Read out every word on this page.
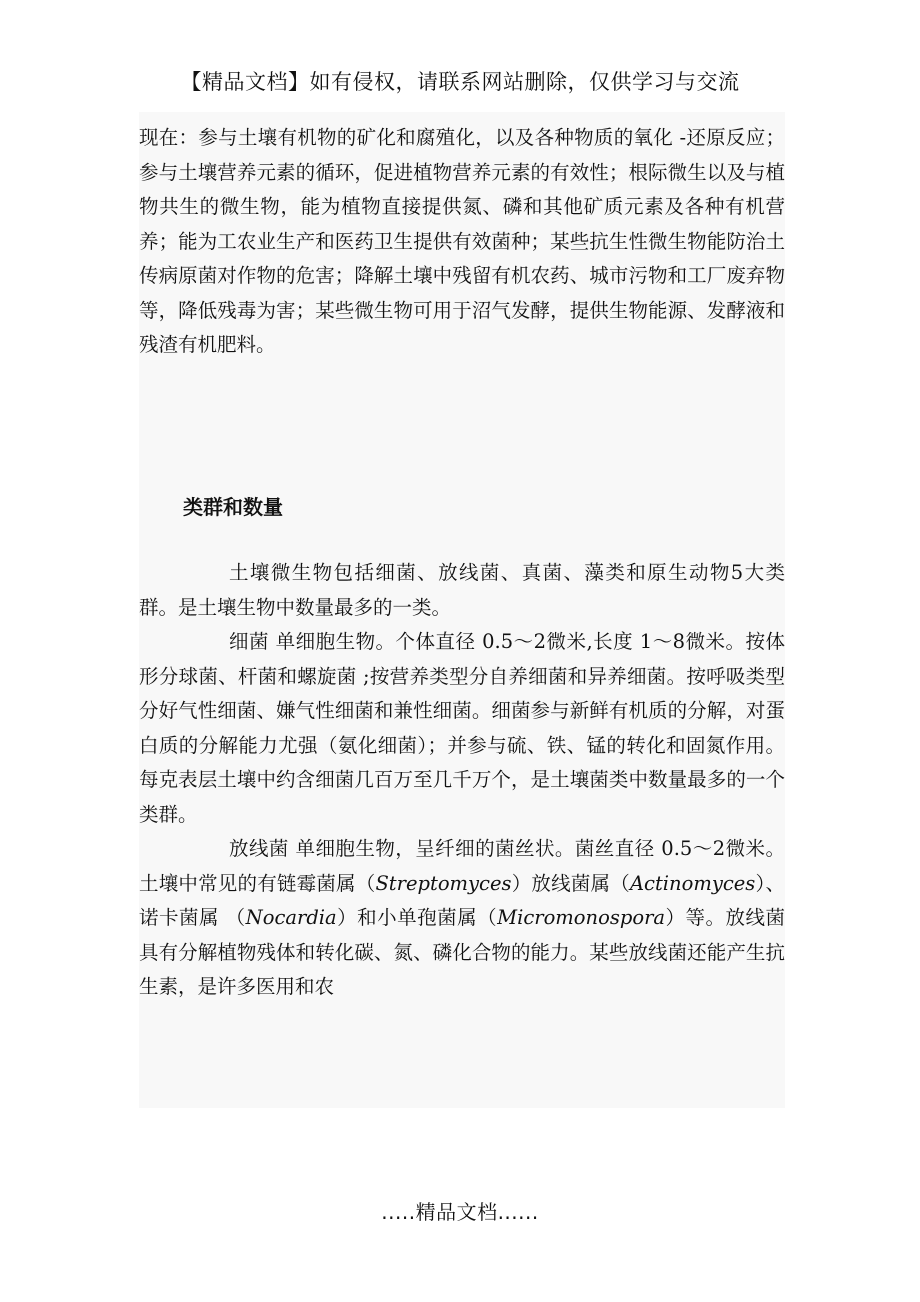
【精品文档】如有侵权，请联系网站删除，仅供学习与交流

现在：参与土壤有机物的矿化和腐殖化，以及各种物质的氧化 -还原反应；参与土壤营养元素的循环，促进植物营养元素的有效性；根际微生以及与植物共生的微生物，能为植物直接提供氮、磷和其他矿质元素及各种有机营养；能为工农业生产和医药卫生提供有效菌种；某些抗生性微生物能防治土传病原菌对作物的危害；降解土壤中残留有机农药、城市污物和工厂废弃物等，降低残毒为害；某些微生物可用于沼气发酵，提供生物能源、发酵液和残渣有机肥料。

类群和数量

土壤微生物包括细菌、放线菌、真菌、藻类和原生动物5大类群。是土壤生物中数量最多的一类。

细菌 单细胞生物。个体直径 0.5～2微米,长度 1～8微米。按体形分球菌、杆菌和螺旋菌 ;按营养类型分自养细菌和异养细菌。按呼吸类型分好气性细菌、嫌气性细菌和兼性细菌。细菌参与新鲜有机质的分解，对蛋白质的分解能力尤强（氨化细菌）；并参与硫、铁、锰的转化和固氮作用。每克表层土壤中约含细菌几百万至几千万个，是土壤菌类中数量最多的一个类群。

放线菌 单细胞生物，呈纤细的菌丝状。菌丝直径 0.5～2微米。土壤中常见的有链霉菌属（Streptomyces）放线菌属（Actinomyces）、诺卡菌属 （Nocardia）和小单孢菌属（Micromonospora）等。放线菌具有分解植物残体和转化碳、氮、磷化合物的能力。某些放线菌还能产生抗生素，是许多医用和农

.....精品文档......
